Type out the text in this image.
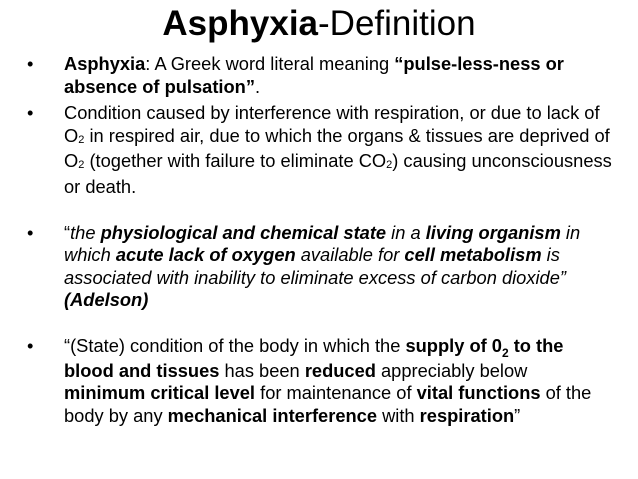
Asphyxia-Definition
•	Asphyxia: A Greek word literal meaning “pulse-less-ness or absence of pulsation”.
•	Condition caused by interference with respiration, or due to lack of O2 in respired air, due to which the organs & tissues are deprived of O2 (together with failure to eliminate CO2) causing unconsciousness or death.
•	“the physiological and chemical state in a living organism in which acute lack of oxygen available for cell metabolism is associated with inability to eliminate excess of carbon dioxide” (Adelson)
•	“(State) condition of the body in which the supply of $0_2$ to the blood and tissues has been reduced appreciably below minimum critical level for maintenance of vital functions of the body by any mechanical interference with respiration”
